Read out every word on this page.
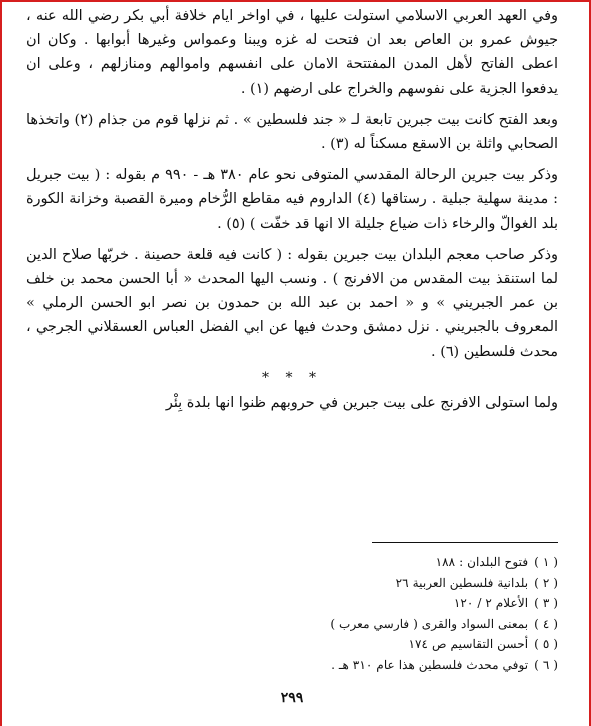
وفي العهد العربي الاسلامي استولت عليها ، في اواخر ايام خلافة أبي بكر رضي الله عنه ، جيوش عمرو بن العاص بعد ان فتحت له غزه ويبنا وعمواس وغيرها أبوابها . وكان ان اعطى الفاتح لأهل المدن المفتتحة الامان على انفسهم واموالهم ومنازلهم ، وعلى ان يدفعوا الجزية على نفوسهم والخراج على ارضهم (١) .

وبعد الفتح كانت بيت جبرين تابعة لـ « جند فلسطين » . ثم نزلها قوم من جذام (٢) واتخذها الصحابي واثلة بن الاسقع مسكناً له (٣) .

وذكر بيت جبرين الرحالة المقدسي المتوفى نحو عام ٣٨٠ هـ - ٩٩٠ م بقوله : ( بيت جبريل : مدينة سهلية جبلية . رستاقها (٤) الداروم فيه مقاطع الرُّخام وميرة القصبة وخزانة الكورة بلد الغوالّ والرخاء ذات ضياع جليلة الا انها قد خفّت ) (٥) .

وذكر صاحب معجم البلدان بيت جبرين بقوله : ( كانت فيه قلعة حصينة . خربّها صلاح الدين لما استنقذ بيت المقدس من الافرنج ) . ونسب اليها المحدث « أبا الحسن محمد بن خلف بن عمر الجبريني » و « احمد بن عبد الله بن حمدون بن نصر ابو الحسن الرملي » المعروف بالجبريني . نزل دمشق وحدث فيها عن ابي الفضل العباس العسقلاني الجرجي ، محدث فلسطين (٦) .

* * *

ولما استولى الافرنج على بيت جبرين في حروبهم ظنوا انها بلدة بِئْر

( ١ )فتوح البلدان : ١٨٨
( ٢ )بلدانية فلسطين العربية ٢٦
( ٣ )الأعلام ٢ / ١٢٠
( ٤ )بمعنى السواد والقرى ( فارسي معرب )
( ٥ )أحسن التقاسيم ص ١٧٤
( ٦ )توفي محدث فلسطين هذا عام ٣١٠ هـ .
٢٩٩
